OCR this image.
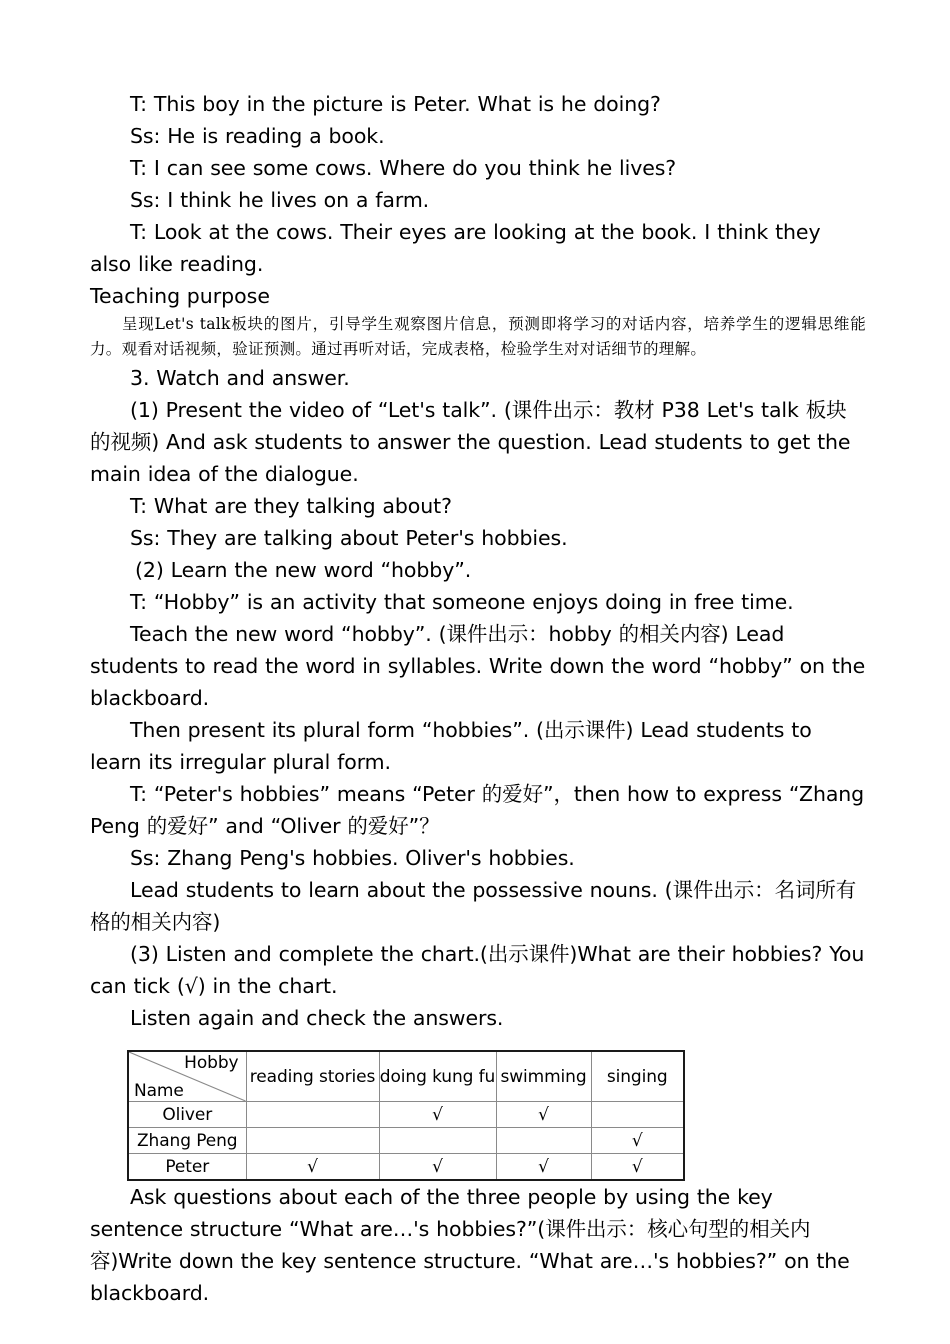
T: This boy in the picture is Peter. What is he doing?

Ss: He is reading a book.

T: I can see some cows. Where do you think he lives?

Ss: I think he lives on a farm.

T: Look at the cows. Their eyes are looking at the book. I think they also like reading.

Teaching purpose

呈现Let's talk板块的图片，引导学生观察图片信息，预测即将学习的对话内容，培养学生的逻辑思维能力。观看对话视频，验证预测。通过再听对话，完成表格，检验学生对对话细节的理解。

3. Watch and answer.

(1) Present the video of “Let's talk”. (课件出示：教材 P38 Let's talk 板块的视频) And ask students to answer the question. Lead students to get the main idea of the dialogue.

T: What are they talking about?

Ss: They are talking about Peter's hobbies.

(2) Learn the new word “hobby”.

T: “Hobby” is an activity that someone enjoys doing in free time.

Teach the new word “hobby”. (课件出示：hobby 的相关内容) Lead students to read the word in syllables. Write down the word “hobby” on the blackboard.

Then present its plural form “hobbies”. (出示课件) Lead students to learn its irregular plural form.

T: “Peter's hobbies” means “Peter 的爱好”，then how to express “Zhang Peng 的爱好” and “Oliver 的爱好”？

Ss: Zhang Peng's hobbies. Oliver's hobbies.

Lead students to learn about the possessive nouns. (课件出示：名词所有格的相关内容)

(3) Listen and complete the chart.(出示课件)What are their hobbies? You can tick (√) in the chart.

Listen again and check the answers.

Hobby
Name	reading stories	doing kung fu	swimming	singing
Oliver		√	√	
Zhang Peng				√
Peter	√	√	√	√

Ask questions about each of the three people by using the key sentence structure “What are…'s hobbies?”(课件出示：核心句型的相关内容)Write down the key sentence structure. “What are…'s hobbies?” on the blackboard.
